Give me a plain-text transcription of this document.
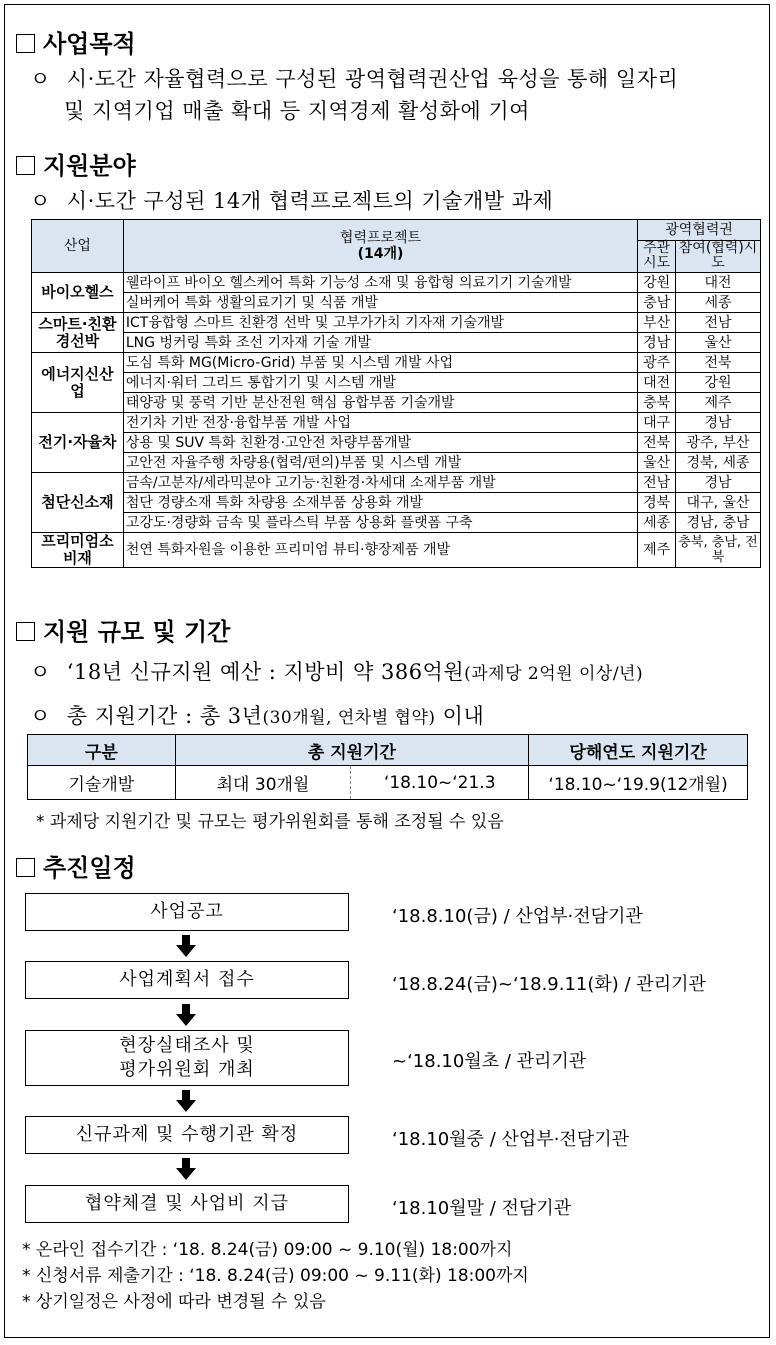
사업목적
ㅇ 시·도간 자율협력으로 구성된 광역협력권산업 육성을 통해 일자리
및 지역기업 매출 확대 등 지역경제 활성화에 기여
지원분야
ㅇ 시·도간 구성된 14개 협력프로젝트의 기술개발 과제
산업	협력프로젝트
(14개)	광역협력권	
		주관시도	참여(협력)시도
바이오헬스	웰라이프 바이오 헬스케어 특화 기능성 소재 및 융합형 의료기기 기술개발	강원	대전
	실버케어 특화 생활의료기기 및 식품 개발	충남	세종
스마트·친환경선박	ICT융합형 스마트 친환경 선박 및 고부가가치 기자재 기술개발	부산	전남
	LNG 벙커링 특화 조선 기자재 기술 개발	경남	울산
에너지신산업	도심 특화 MG(Micro-Grid) 부품 및 시스템 개발 사업	광주	전북
	에너지·워터 그리드 통합기기 및 시스템 개발	대전	강원
	태양광 및 풍력 기반 분산전원 핵심 융합부품 기술개발	충북	제주
전기·자율차	전기차 기반 전장·융합부품 개발 사업	대구	경남
	상용 및 SUV 특화 친환경·고안전 차량부품개발	전북	광주, 부산
	고안전 자율주행 차량용(협력/편의)부품 및 시스템 개발	울산	경북, 세종
첨단신소재	금속/고분자/세라믹분야 고기능·친환경·차세대 소재부품 개발	전남	경남
	첨단 경량소재 특화 차량용 소재부품 상용화 개발	경북	대구, 울산
	고강도·경량화 금속 및 플라스틱 부품 상용화 플랫폼 구축	세종	경남, 충남
프리미엄소비재	천연 특화자원을 이용한 프리미엄 뷰티·향장제품 개발	제주	충북, 충남, 전북
지원 규모 및 기간
ㅇ ‘18년 신규지원 예산 : 지방비 약 386억원(과제당 2억원 이상/년)
ㅇ 총 지원기간 : 총 3년(30개월, 연차별 협약) 이내
구분	총 지원기간		당해연도 지원기간
기술개발	최대 30개월	‘18.10~‘21.3	‘18.10~‘19.9(12개월)
* 과제당 지원기간 및 규모는 평가위원회를 통해 조정될 수 있음
추진일정
사업공고	‘18.8.10(금) / 산업부·전담기관
사업계획서 접수	‘18.8.24(금)~‘18.9.11(화) / 관리기관
현장실태조사 및 평가위원회 개최	~‘18.10월초 / 관리기관
신규과제 및 수행기관 확정	‘18.10월중 / 산업부·전담기관
협약체결 및 사업비 지급	‘18.10월말 / 전담기관
* 온라인 접수기간 : ‘18. 8.24(금) 09:00 ~ 9.10(월) 18:00까지
* 신청서류 제출기간 : ‘18. 8.24(금) 09:00 ~ 9.11(화) 18:00까지
* 상기일정은 사정에 따라 변경될 수 있음
